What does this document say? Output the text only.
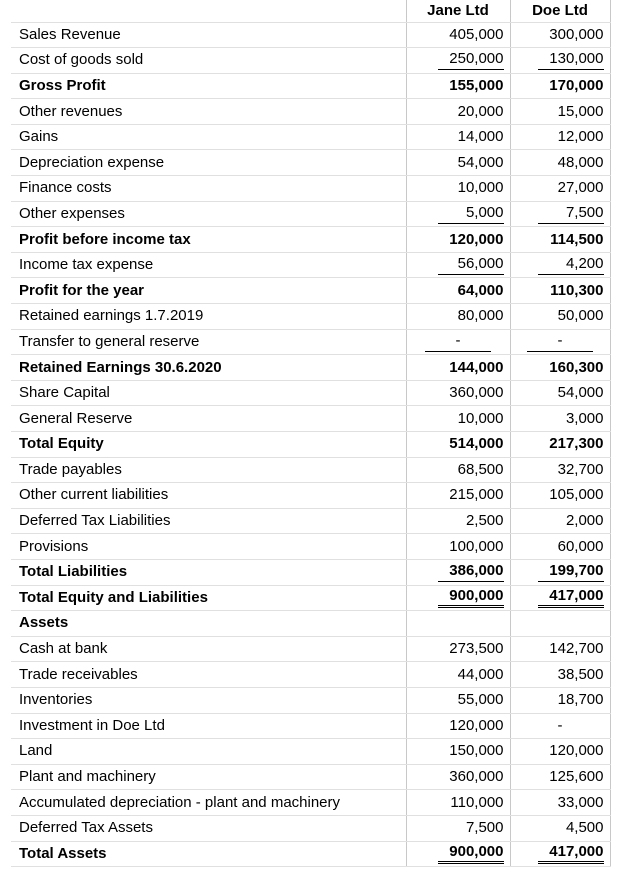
	Jane Ltd	Doe Ltd
Sales Revenue	405,000	300,000
Cost of goods sold	250,000	130,000
Gross Profit	155,000	170,000
Other revenues	20,000	15,000
Gains	14,000	12,000
Depreciation expense	54,000	48,000
Finance costs	10,000	27,000
Other expenses	5,000	7,500
Profit before income tax	120,000	114,500
Income tax expense	56,000	4,200
Profit for the year	64,000	110,300
Retained earnings 1.7.2019	80,000	50,000
Transfer to general reserve	-	-
Retained Earnings 30.6.2020	144,000	160,300
Share Capital	360,000	54,000
General Reserve	10,000	3,000
Total Equity	514,000	217,300
Trade payables	68,500	32,700
Other current liabilities	215,000	105,000
Deferred Tax Liabilities	2,500	2,000
Provisions	100,000	60,000
Total Liabilities	386,000	199,700
Total Equity and Liabilities	900,000	417,000
Assets		
Cash at bank	273,500	142,700
Trade receivables	44,000	38,500
Inventories	55,000	18,700
Investment in Doe Ltd	120,000	-
Land	150,000	120,000
Plant and machinery	360,000	125,600
Accumulated depreciation - plant and machinery	110,000	33,000
Deferred Tax Assets	7,500	4,500
Total Assets	900,000	417,000
